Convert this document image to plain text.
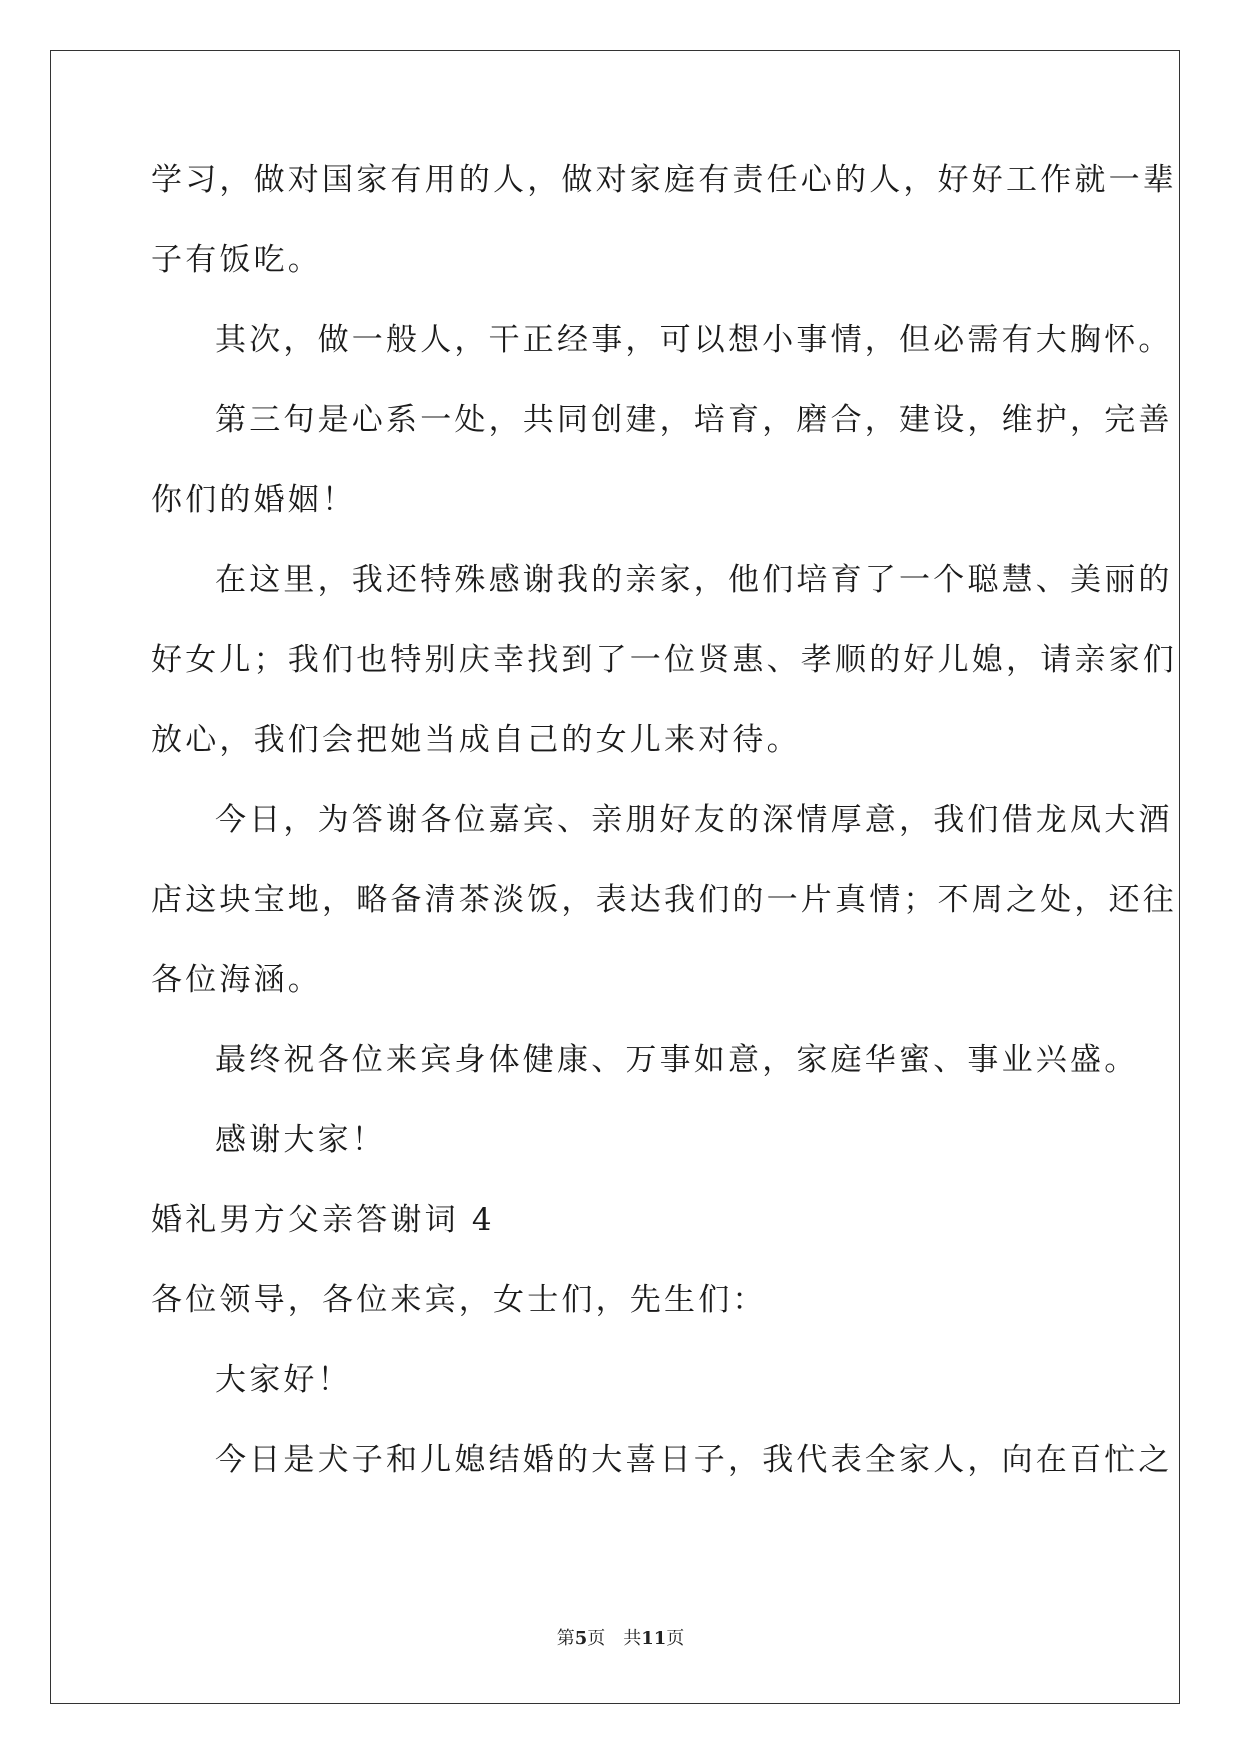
学习，做对国家有用的人，做对家庭有责任心的人，好好工作就一辈
子有饭吃。
其次，做一般人，干正经事，可以想小事情，但必需有大胸怀。
第三句是心系一处，共同创建，培育，磨合，建设，维护，完善
你们的婚姻！
在这里，我还特殊感谢我的亲家，他们培育了一个聪慧、美丽的
好女儿；我们也特别庆幸找到了一位贤惠、孝顺的好儿媳，请亲家们
放心，我们会把她当成自己的女儿来对待。
今日，为答谢各位嘉宾、亲朋好友的深情厚意，我们借龙凤大酒
店这块宝地，略备清茶淡饭，表达我们的一片真情；不周之处，还往
各位海涵。
最终祝各位来宾身体健康、万事如意，家庭华蜜、事业兴盛。
感谢大家！
婚礼男方父亲答谢词 4
各位领导，各位来宾，女士们，先生们：
大家好！
今日是犬子和儿媳结婚的大喜日子，我代表全家人，向在百忙之
第5页 共11页
